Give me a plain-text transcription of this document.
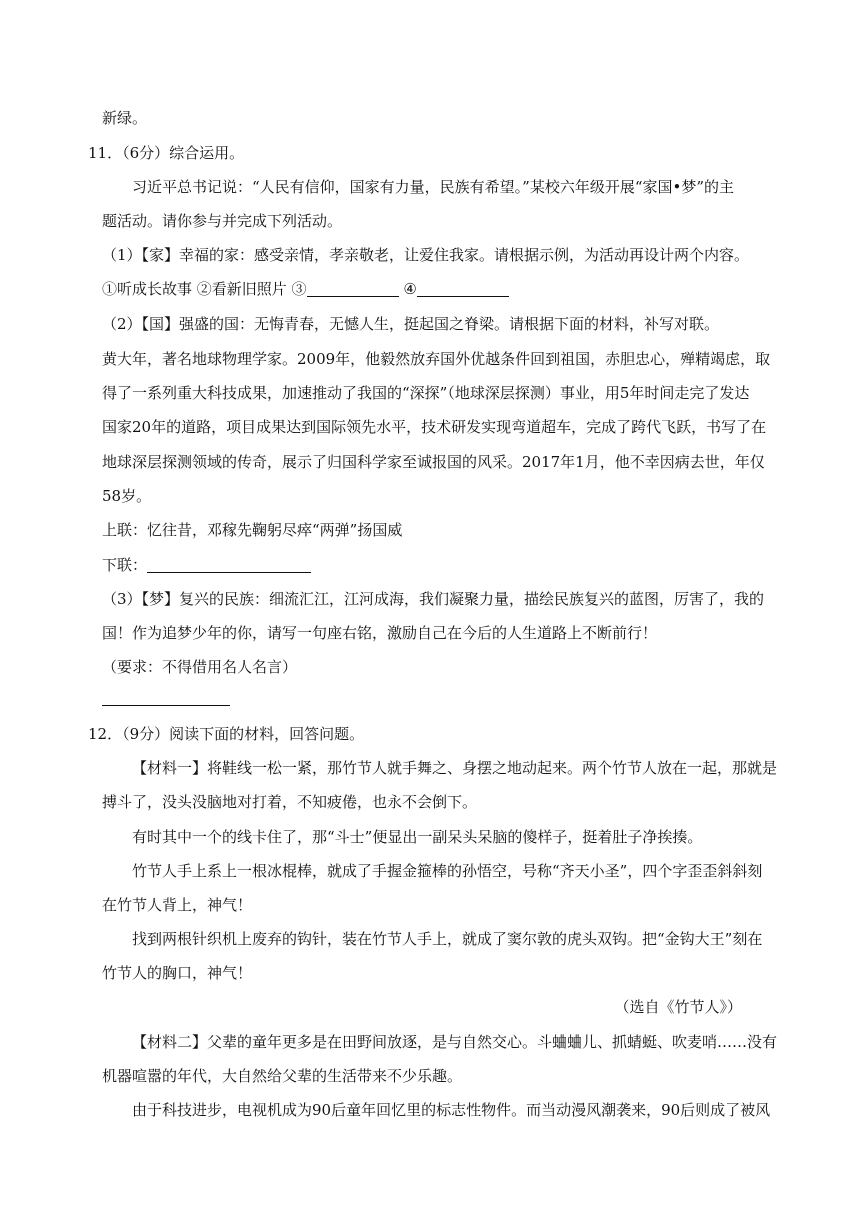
新绿。
11．（6分）综合运用。
习近平总书记说：“人民有信仰，国家有力量，民族有希望。”某校六年级开展“家国•梦”的主
题活动。请你参与并完成下列活动。
（1）【家】幸福的家：感受亲情，孝亲敬老，让爱住我家。请根据示例，为活动再设计两个内容。
①听成长故事 ②看新旧照片 ③	④
（2）【国】强盛的国：无悔青春，无憾人生，挺起国之脊梁。请根据下面的材料，补写对联。
黄大年，著名地球物理学家。2009年，他毅然放弃国外优越条件回到祖国，赤胆忠心，殚精竭虑，取
得了一系列重大科技成果，加速推动了我国的“深探”（地球深层探测）事业，用5年时间走完了发达
国家20年的道路，项目成果达到国际领先水平，技术研发实现弯道超车，完成了跨代飞跃，书写了在
地球深层探测领域的传奇，展示了归国科学家至诚报国的风采。2017年1月，他不幸因病去世，年仅
58岁。
上联：忆往昔，邓稼先鞠躬尽瘁“两弹”扬国威
下联：
（3）【梦】复兴的民族：细流汇江，江河成海，我们凝聚力量，描绘民族复兴的蓝图，厉害了，我的
国！作为追梦少年的你，请写一句座右铭，激励自己在今后的人生道路上不断前行！
（要求：不得借用名人名言）
12．（9分）阅读下面的材料，回答问题。
【材料一】将鞋线一松一紧，那竹节人就手舞之、身摆之地动起来。两个竹节人放在一起，那就是
搏斗了，没头没脑地对打着，不知疲倦，也永不会倒下。
有时其中一个的线卡住了，那“斗士”便显出一副呆头呆脑的傻样子，挺着肚子净挨揍。
竹节人手上系上一根冰棍棒，就成了手握金箍棒的孙悟空，号称“齐天小圣”，四个字歪歪斜斜刻
在竹节人背上，神气！
找到两根针织机上废弃的钩针，装在竹节人手上，就成了窦尔敦的虎头双钩。把“金钩大王”刻在
竹节人的胸口，神气！
（选自《竹节人》）
【材料二】父辈的童年更多是在田野间放逐，是与自然交心。斗蛐蛐儿、抓蜻蜓、吹麦哨……没有
机器喧嚣的年代，大自然给父辈的生活带来不少乐趣。
由于科技进步，电视机成为90后童年回忆里的标志性物件。而当动漫风潮袭来，90后则成了被风
